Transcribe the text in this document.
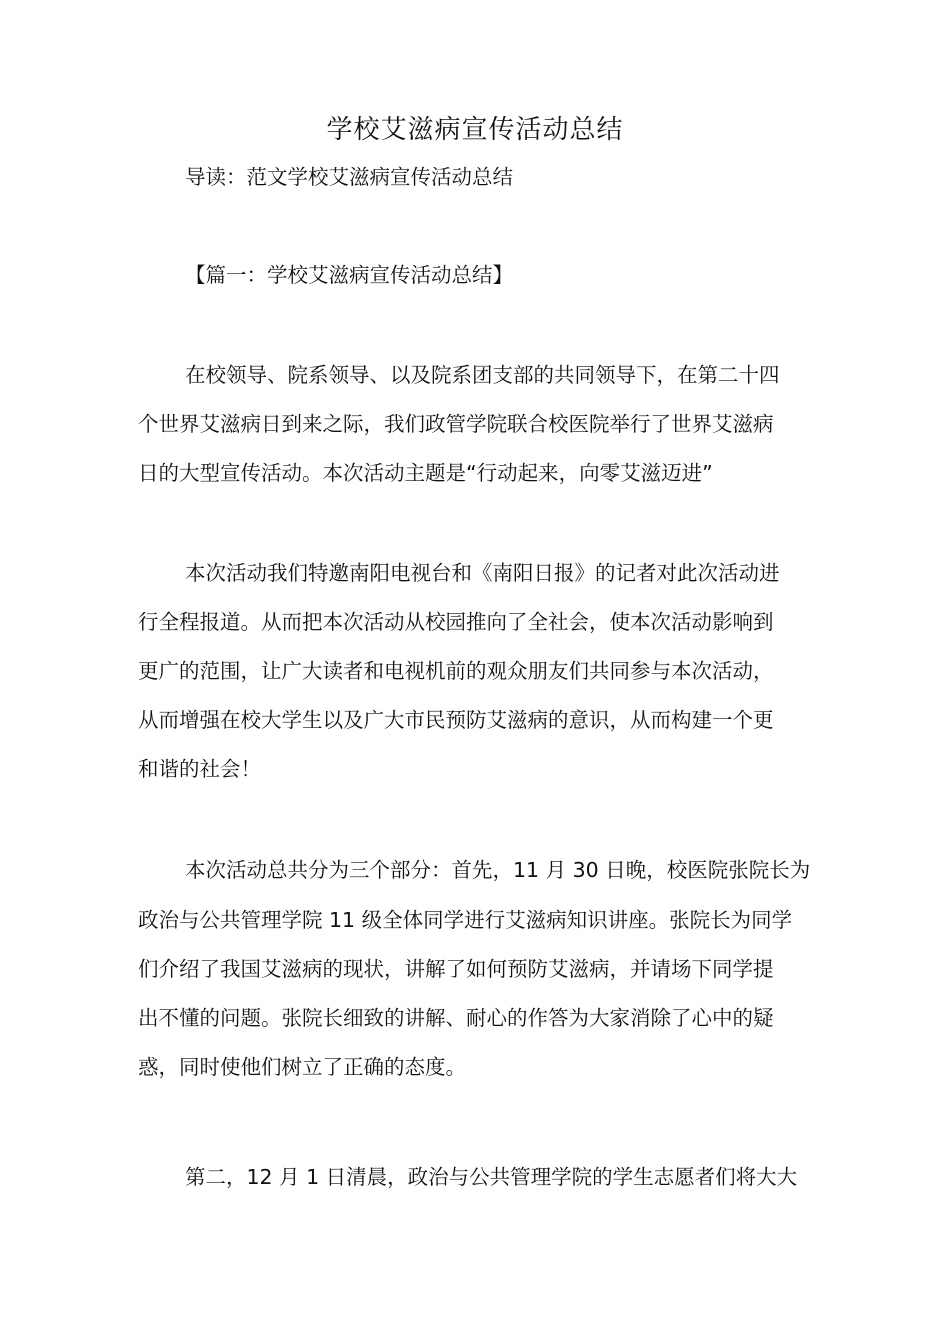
学校艾滋病宣传活动总结

导读：范文学校艾滋病宣传活动总结

【篇一：学校艾滋病宣传活动总结】

在校领导、院系领导、以及院系团支部的共同领导下，在第二十四

个世界艾滋病日到来之际，我们政管学院联合校医院举行了世界艾滋病

日的大型宣传活动。本次活动主题是“行动起来，向零艾滋迈进”

本次活动我们特邀南阳电视台和《南阳日报》的记者对此次活动进

行全程报道。从而把本次活动从校园推向了全社会，使本次活动影响到

更广的范围，让广大读者和电视机前的观众朋友们共同参与本次活动，

从而增强在校大学生以及广大市民预防艾滋病的意识，从而构建一个更

和谐的社会！

本次活动总共分为三个部分：首先，11 月 30 日晚，校医院张院长为

政治与公共管理学院 11 级全体同学进行艾滋病知识讲座。张院长为同学

们介绍了我国艾滋病的现状，讲解了如何预防艾滋病，并请场下同学提

出不懂的问题。张院长细致的讲解、耐心的作答为大家消除了心中的疑

惑，同时使他们树立了正确的态度。

第二，12 月 1 日清晨，政治与公共管理学院的学生志愿者们将大大
